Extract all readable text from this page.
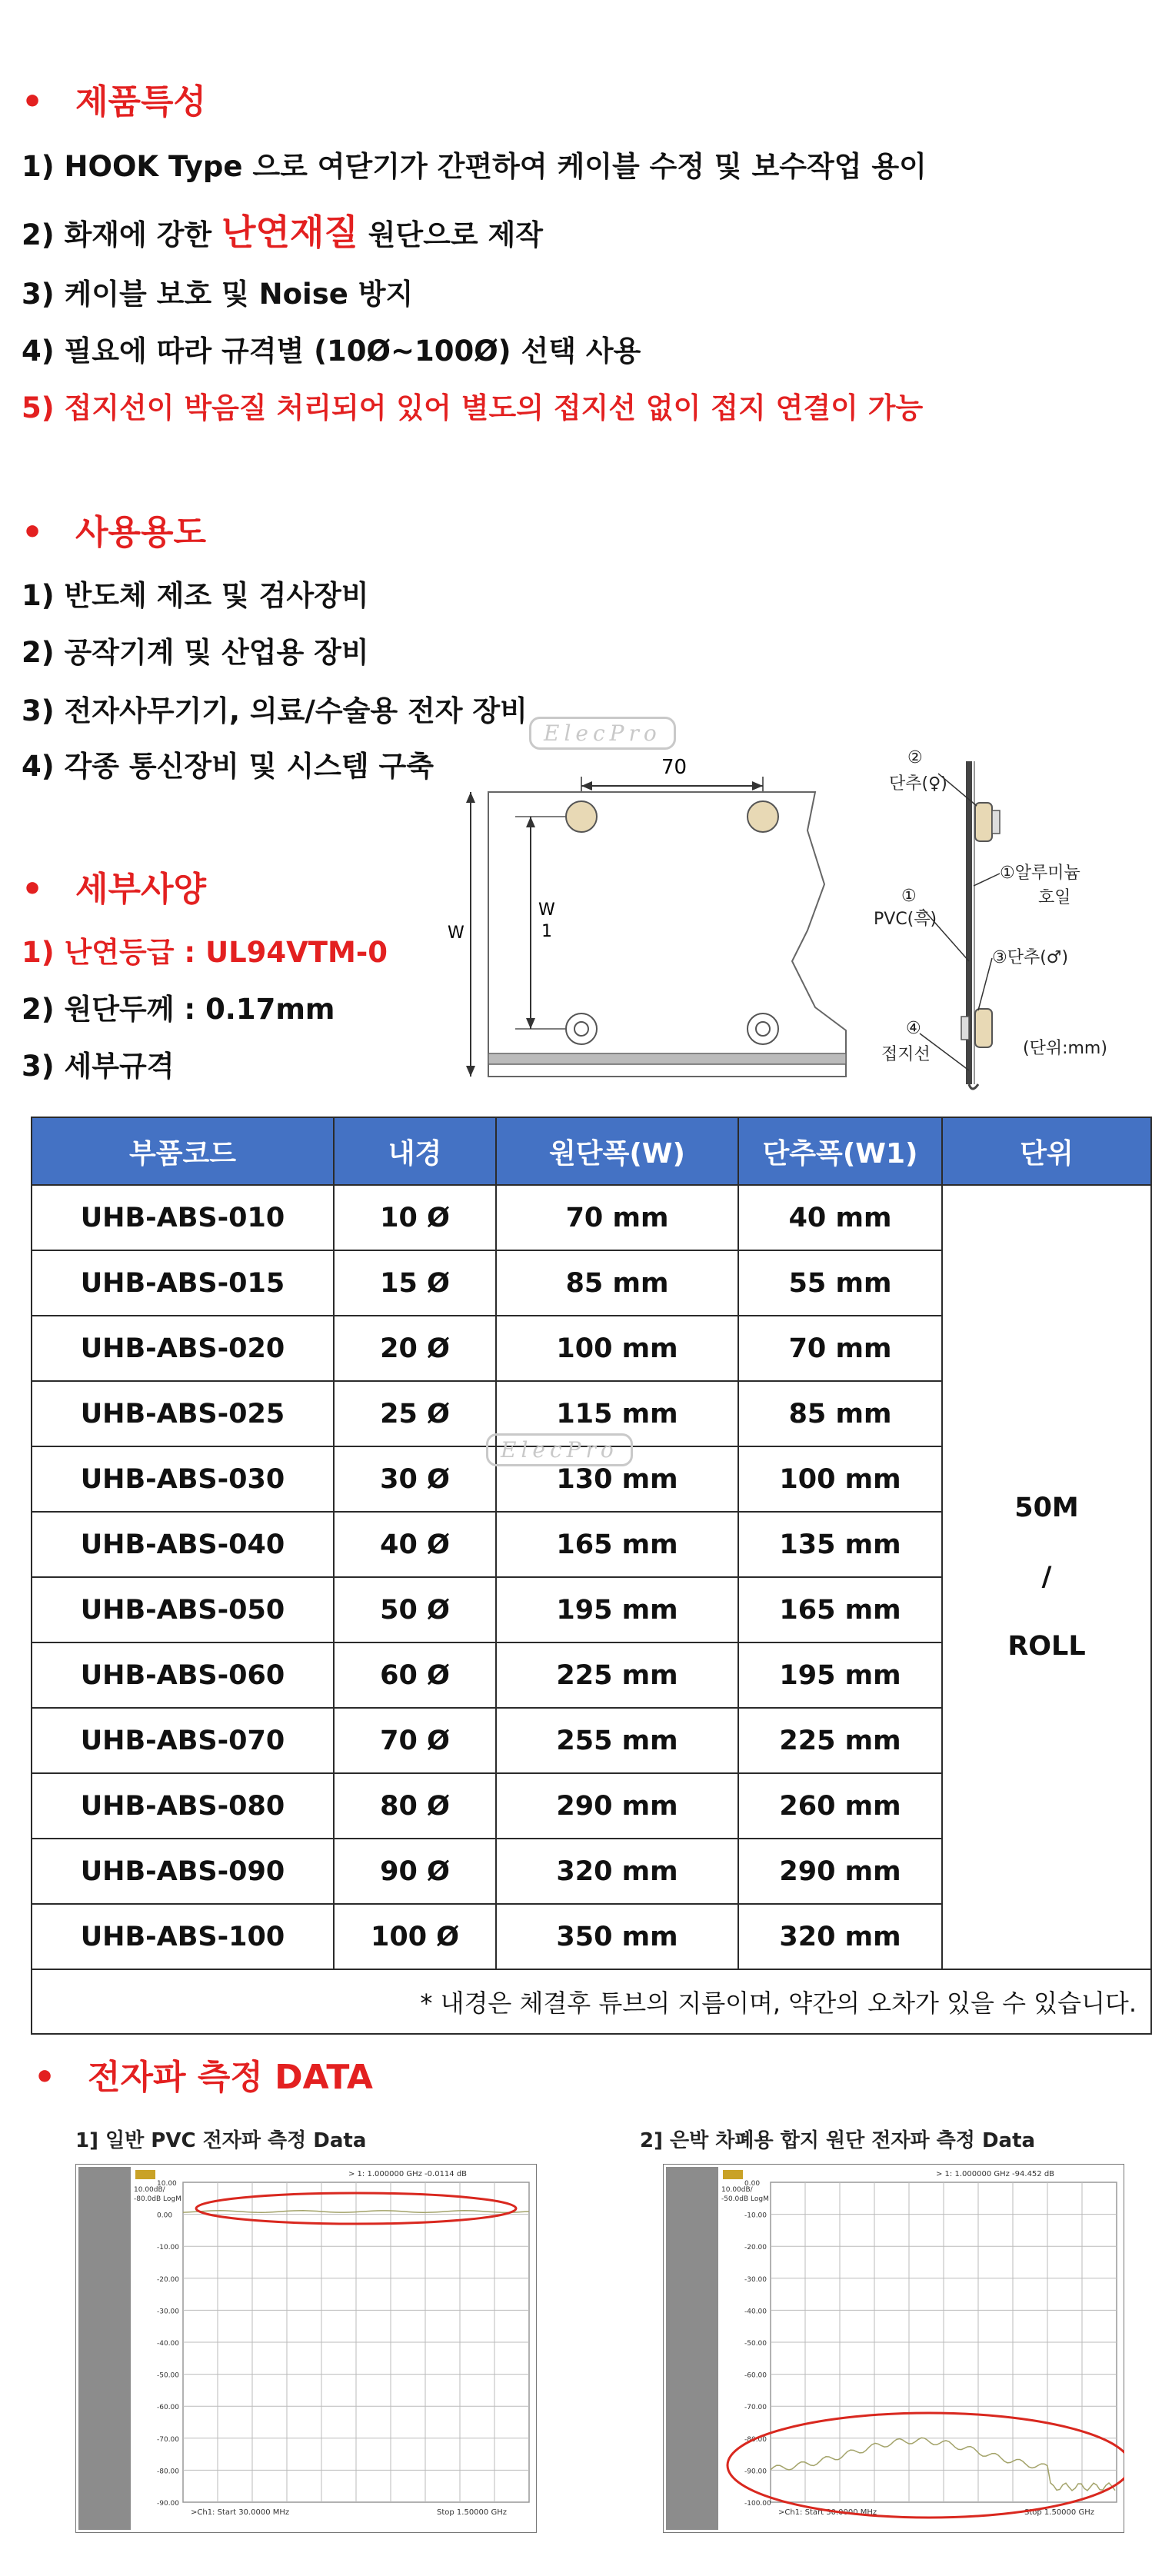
• 제품특성
1) HOOK Type 으로 여닫기가 간편하여 케이블 수정 및 보수작업 용이
2) 화재에 강한 난연재질 원단으로 제작
3) 케이블 보호 및 Noise 방지
4) 필요에 따라 규격별 (10Ø~100Ø) 선택 사용
5) 접지선이 박음질 처리되어 있어 별도의 접지선 없이 접지 연결이 가능
• 사용용도
1) 반도체 제조 및 검사장비
2) 공작기계 및 산업용 장비
3) 전자사무기기, 의료/수술용 전자 장비
4) 각종 통신장비 및 시스템 구축
• 세부사양
1) 난연등급 : UL94VTM-0
2) 원단두께 : 0.17mm
3) 세부규격
ElecPro
70
W
W
1
②
단추(♀)
①알루미늄
호일
①
PVC(흑)
③단추(♂)
④
접지선	(단위:mm)
부품코드	내경	원단폭(W)	단추폭(W1)	단위
UHB-ABS-010	10 Ø	70 mm	40 mm	50M
/
ROLL

UHB-ABS-015	15 Ø	85 mm	55 mm	
UHB-ABS-020	20 Ø	100 mm	70 mm	
UHB-ABS-025	25 Ø	115 mm	85 mm	
UHB-ABS-030	30 Ø	130 mm	100 mm	
UHB-ABS-040	40 Ø	165 mm	135 mm	
UHB-ABS-050	50 Ø	195 mm	165 mm	
UHB-ABS-060	60 Ø	225 mm	195 mm	
UHB-ABS-070	70 Ø	255 mm	225 mm	
UHB-ABS-080	80 Ø	290 mm	260 mm	
UHB-ABS-090	90 Ø	320 mm	290 mm	
UHB-ABS-100	100 Ø	350 mm	320 mm	
* 내경은 체결후 튜브의 지름이며, 약간의 오차가 있을 수 있습니다.				
ElecPro
• 전자파 측정 DATA
1] 일반 PVC 전자파 측정 Data	2] 은박 차폐용 합지 원단 전자파 측정 Data
10.00
0.00
-10.00
-20.00
-30.00
-40.00
-50.00
-60.00
-70.00
-80.00
-90.00
10.00dB/
-80.0dB LogM
> 1: 1.000000 GHz -0.0114 dB
>Ch1: Start 30.0000 MHz	Stop 1.50000 GHz
0.00
-10.00
-20.00
-30.00
-40.00
-50.00
-60.00
-70.00
-80.00
-90.00
-100.00
10.00dB/
-50.0dB LogM
> 1: 1.000000 GHz -94.452 dB
>Ch1: Start 30.0000 MHz	Stop 1.50000 GHz
